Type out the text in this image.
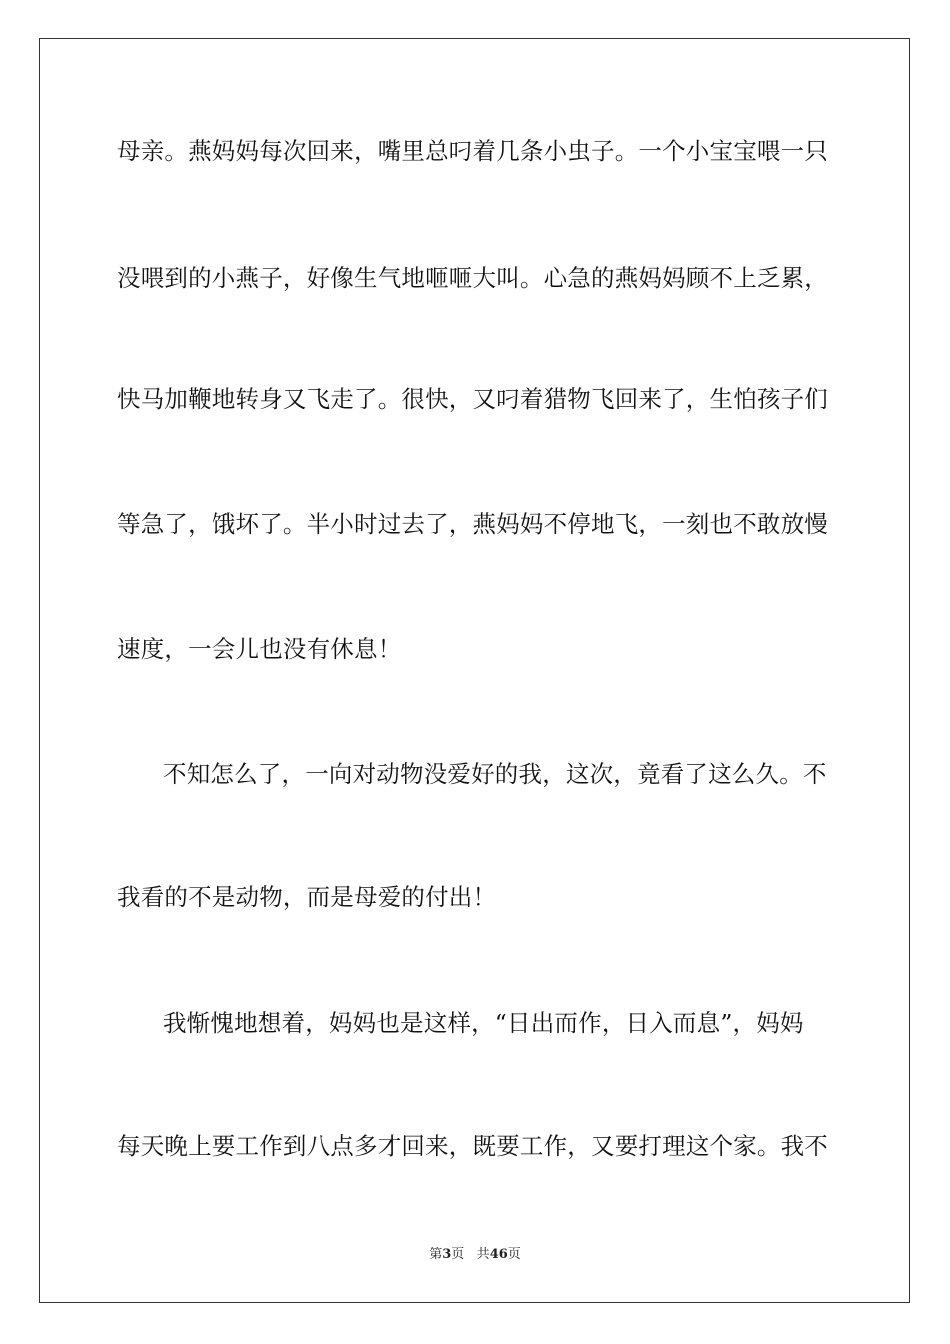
母亲。燕妈妈每次回来，嘴里总叼着几条小虫子。一个小宝宝喂一只
没喂到的小燕子，好像生气地咂咂大叫。心急的燕妈妈顾不上乏累，
快马加鞭地转身又飞走了。很快，又叼着猎物飞回来了，生怕孩子们
等急了，饿坏了。半小时过去了，燕妈妈不停地飞，一刻也不敢放慢
速度，一会儿也没有休息！
不知怎么了，一向对动物没爱好的我，这次，竟看了这么久。不
我看的不是动物，而是母爱的付出！
我惭愧地想着，妈妈也是这样，“日出而作，日入而息”，妈妈
每天晚上要工作到八点多才回来，既要工作，又要打理这个家。我不
第3页 共46页
